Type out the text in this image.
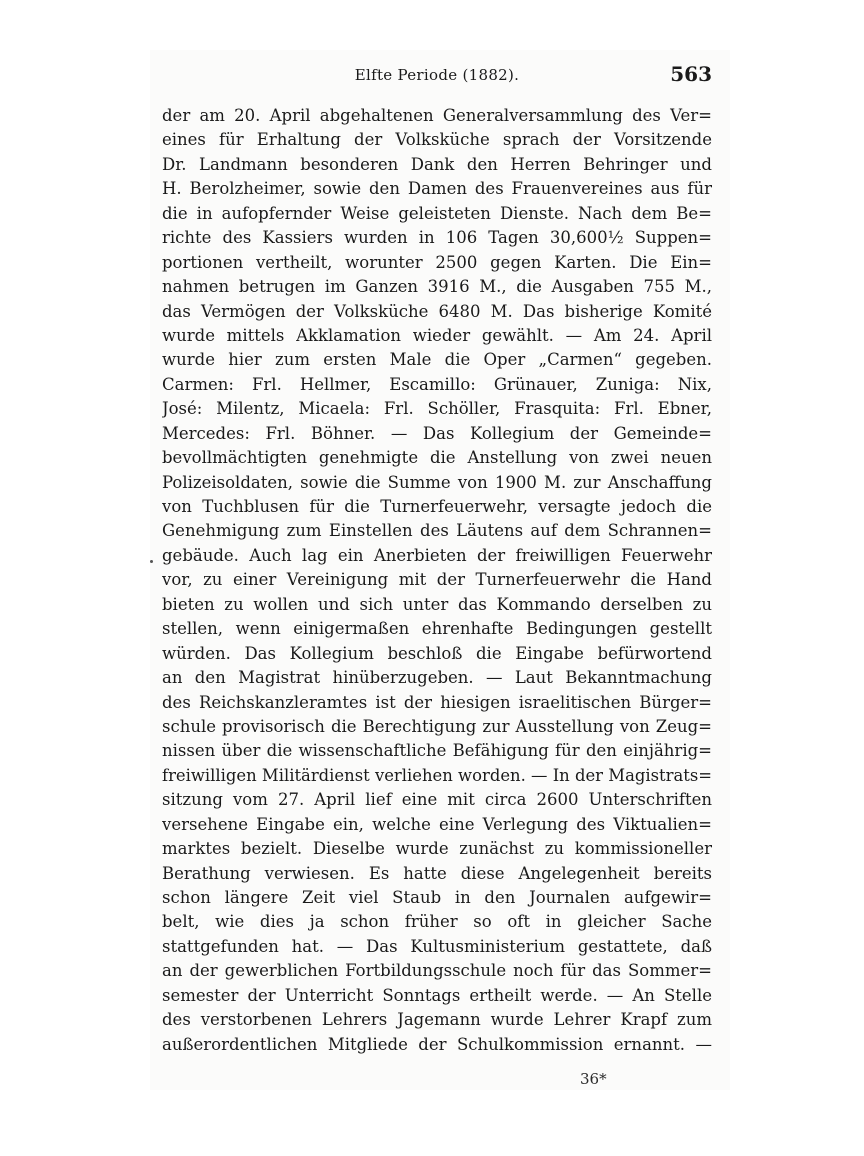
Elfte Periode (1882).	563
der am 20. April abgehaltenen Generalversammlung des Ver=
eines für Erhaltung der Volksküche sprach der Vorsitzende
Dr. Landmann besonderen Dank den Herren Behringer und
H. Berolzheimer, sowie den Damen des Frauenvereines aus für
die in aufopfernder Weise geleisteten Dienste. Nach dem Be=
richte des Kassiers wurden in 106 Tagen 30,600½ Suppen=
portionen vertheilt, worunter 2500 gegen Karten. Die Ein=
nahmen betrugen im Ganzen 3916 M., die Ausgaben 755 M.,
das Vermögen der Volksküche 6480 M. Das bisherige Komité
wurde mittels Akklamation wieder gewählt. — Am 24. April
wurde hier zum ersten Male die Oper „Carmen“ gegeben.
Carmen: Frl. Hellmer, Escamillo: Grünauer, Zuniga: Nix,
José: Milentz, Micaela: Frl. Schöller, Frasquita: Frl. Ebner,
Mercedes: Frl. Böhner. — Das Kollegium der Gemeinde=
bevollmächtigten genehmigte die Anstellung von zwei neuen
Polizeisoldaten, sowie die Summe von 1900 M. zur Anschaffung
von Tuchblusen für die Turnerfeuerwehr, versagte jedoch die
Genehmigung zum Einstellen des Läutens auf dem Schrannen=
gebäude. Auch lag ein Anerbieten der freiwilligen Feuerwehr
vor, zu einer Vereinigung mit der Turnerfeuerwehr die Hand
bieten zu wollen und sich unter das Kommando derselben zu
stellen, wenn einigermaßen ehrenhafte Bedingungen gestellt
würden. Das Kollegium beschloß die Eingabe befürwortend
an den Magistrat hinüberzugeben. — Laut Bekanntmachung
des Reichskanzleramtes ist der hiesigen israelitischen Bürger=
schule provisorisch die Berechtigung zur Ausstellung von Zeug=
nissen über die wissenschaftliche Befähigung für den einjährig=
freiwilligen Militärdienst verliehen worden. — In der Magistrats=
sitzung vom 27. April lief eine mit circa 2600 Unterschriften
versehene Eingabe ein, welche eine Verlegung des Viktualien=
marktes bezielt. Dieselbe wurde zunächst zu kommissioneller
Berathung verwiesen. Es hatte diese Angelegenheit bereits
schon längere Zeit viel Staub in den Journalen aufgewir=
belt, wie dies ja schon früher so oft in gleicher Sache
stattgefunden hat. — Das Kultusministerium gestattete, daß
an der gewerblichen Fortbildungsschule noch für das Sommer=
semester der Unterricht Sonntags ertheilt werde. — An Stelle
des verstorbenen Lehrers Jagemann wurde Lehrer Krapf zum
außerordentlichen Mitgliede der Schulkommission ernannt. —
36*
